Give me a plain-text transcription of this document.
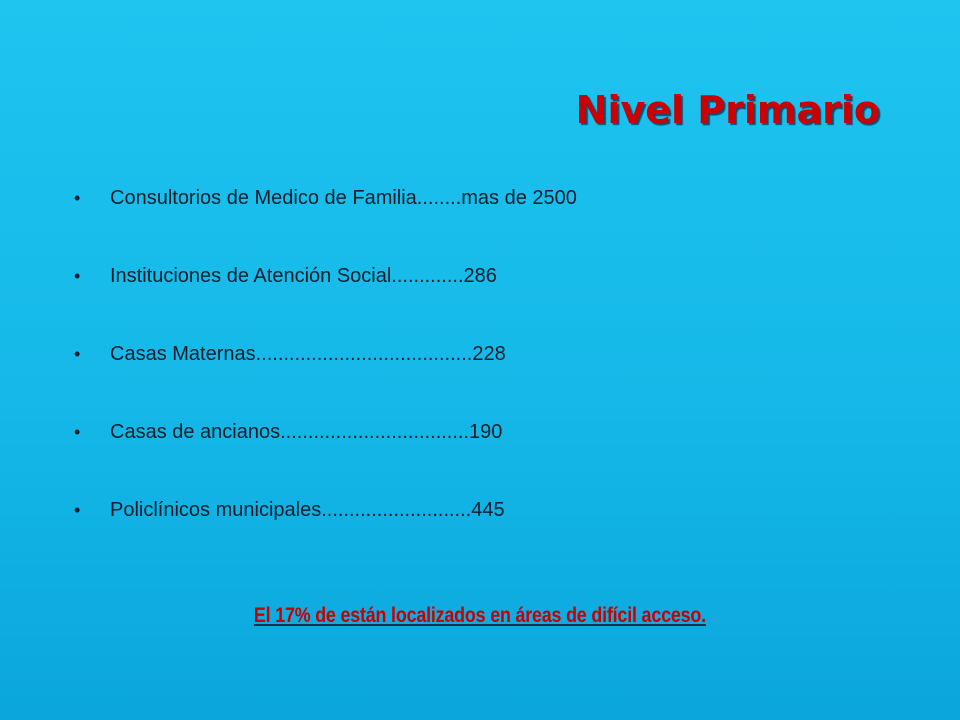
Nivel Primario
• Consultorios de Medico de Familia........mas de 2500
• Instituciones de Atención Social.............286
• Casas Maternas.......................................228
• Casas de ancianos..................................190
• Policlínicos municipales...........................445
El 17% de están localizados en áreas de difícil acceso.
